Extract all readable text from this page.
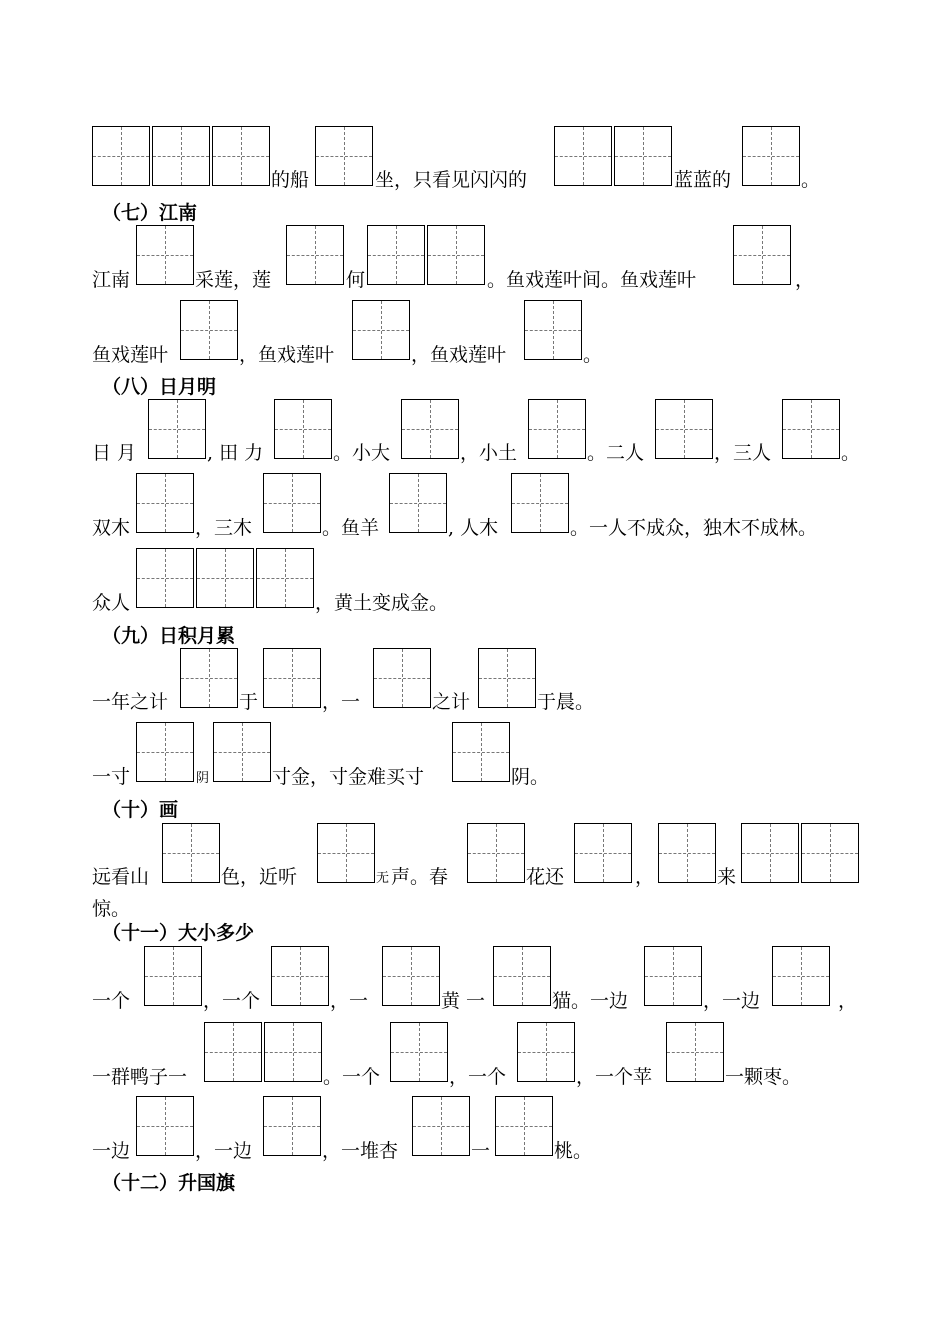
的船	坐，只看见闪闪的	蓝蓝的	。
（七）江南
江南	采莲，莲	何	。鱼戏莲叶间。鱼戏莲叶	，
鱼戏莲叶	，鱼戏莲叶	，鱼戏莲叶	。
（八）日月明
日 月	, 田 力	。小大	，小土	。二人	，三人	。
双木	，三木	。鱼羊	, 人木	。一人不成众，独木不成林。
众人	，黄土变成金。
（九）日积月累
一年之计	于	，一	之计	于晨。
一寸	阴	寸金，寸金难买寸	阴。
（十）画
远看山	色，近听	无 声。春	花还	，	来
惊。
（十一）大小多少
一个	，一个	，一	黄 一	猫。一边	，一边	，
一群鸭子一	。一个	，一个	，一个苹	一颗枣。
一边	，一边	，一堆杏	一	桃。
（十二）升国旗
